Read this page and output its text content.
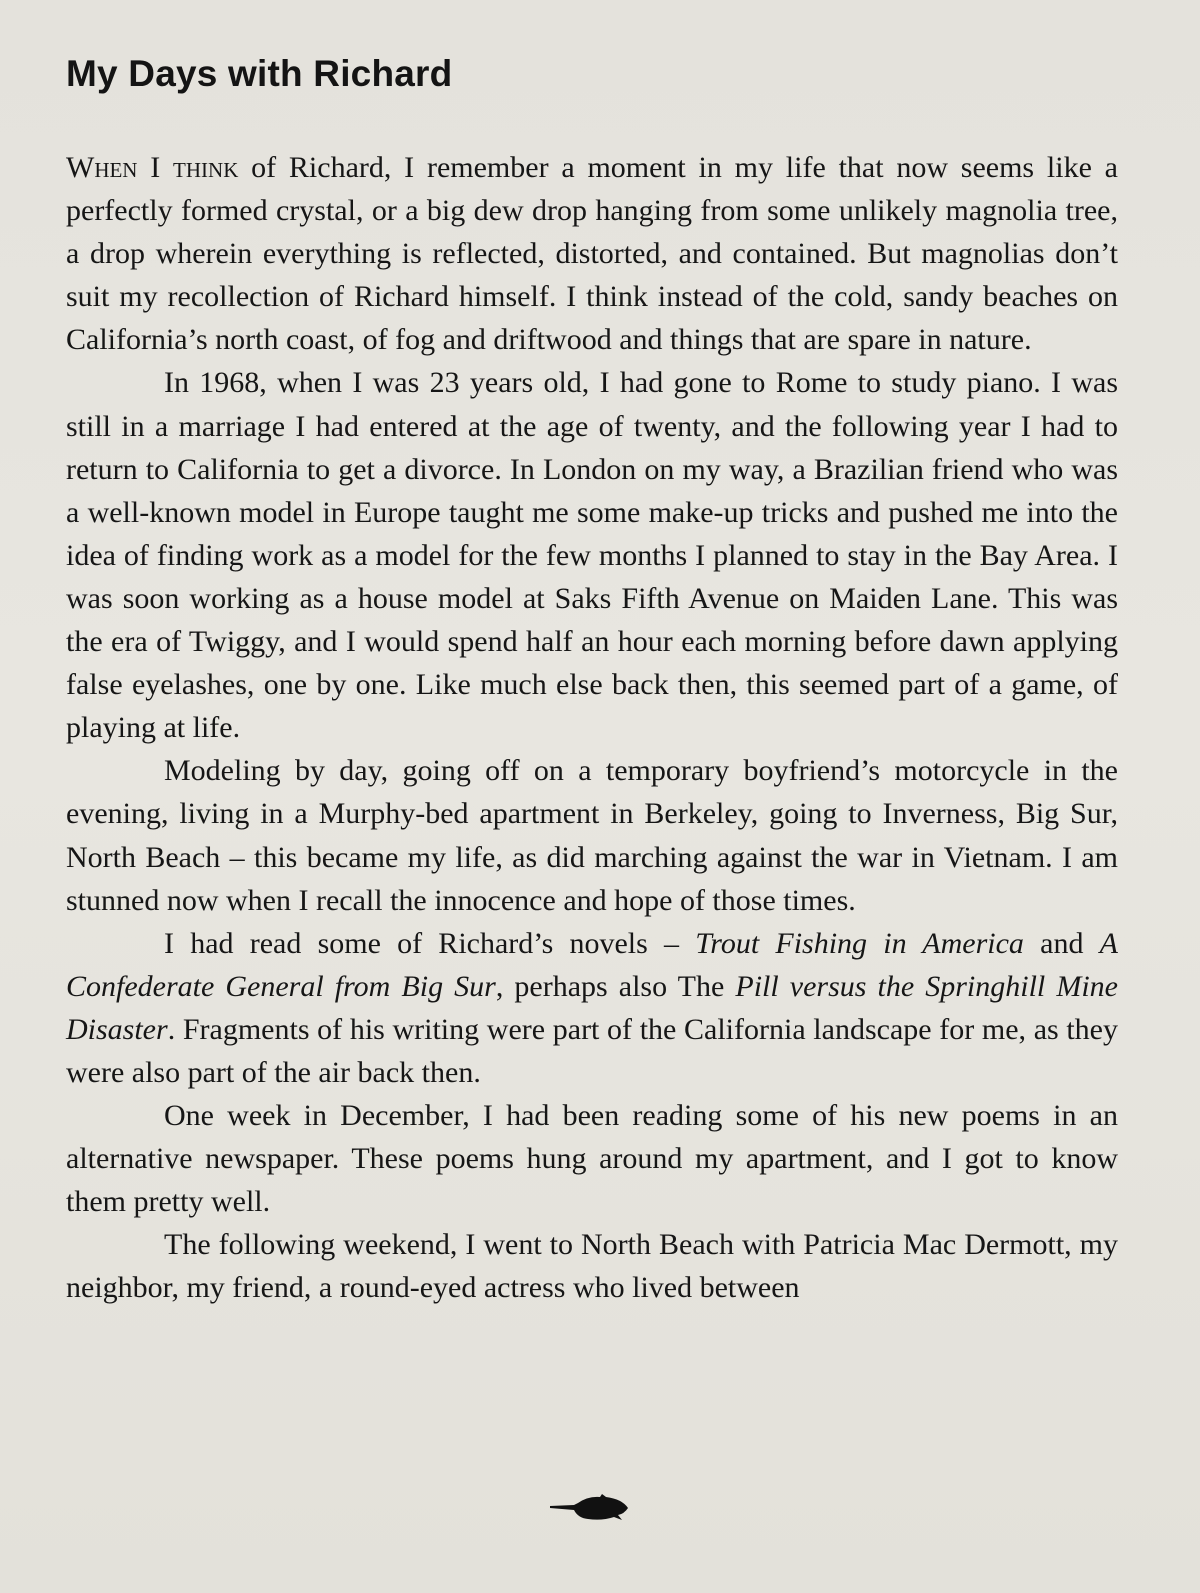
My Days with Richard

When I think of Richard, I remember a moment in my life that now seems like a perfectly formed crystal, or a big dew drop hanging from some unlikely magnolia tree, a drop wherein everything is reflected, distorted, and contained. But magnolias don’t suit my recollection of Richard himself. I think instead of the cold, sandy beaches on California’s north coast, of fog and driftwood and things that are spare in nature.

In 1968, when I was 23 years old, I had gone to Rome to study piano. I was still in a marriage I had entered at the age of twenty, and the following year I had to return to California to get a divorce. In London on my way, a Brazilian friend who was a well-known model in Europe taught me some make-up tricks and pushed me into the idea of finding work as a model for the few months I planned to stay in the Bay Area. I was soon working as a house model at Saks Fifth Avenue on Maiden Lane. This was the era of Twiggy, and I would spend half an hour each morning before dawn applying false eyelashes, one by one. Like much else back then, this seemed part of a game, of playing at life.

Modeling by day, going off on a temporary boyfriend’s motorcycle in the evening, living in a Murphy-bed apartment in Berkeley, going to Inverness, Big Sur, North Beach – this became my life, as did marching against the war in Vietnam. I am stunned now when I recall the innocence and hope of those times.

I had read some of Richard’s novels – Trout Fishing in America and A Confederate General from Big Sur, perhaps also The Pill versus the Springhill Mine Disaster. Fragments of his writing were part of the California landscape for me, as they were also part of the air back then.

One week in December, I had been reading some of his new poems in an alternative newspaper. These poems hung around my apartment, and I got to know them pretty well.

The following weekend, I went to North Beach with Patricia Mac Dermott, my neighbor, my friend, a round-eyed actress who lived between
